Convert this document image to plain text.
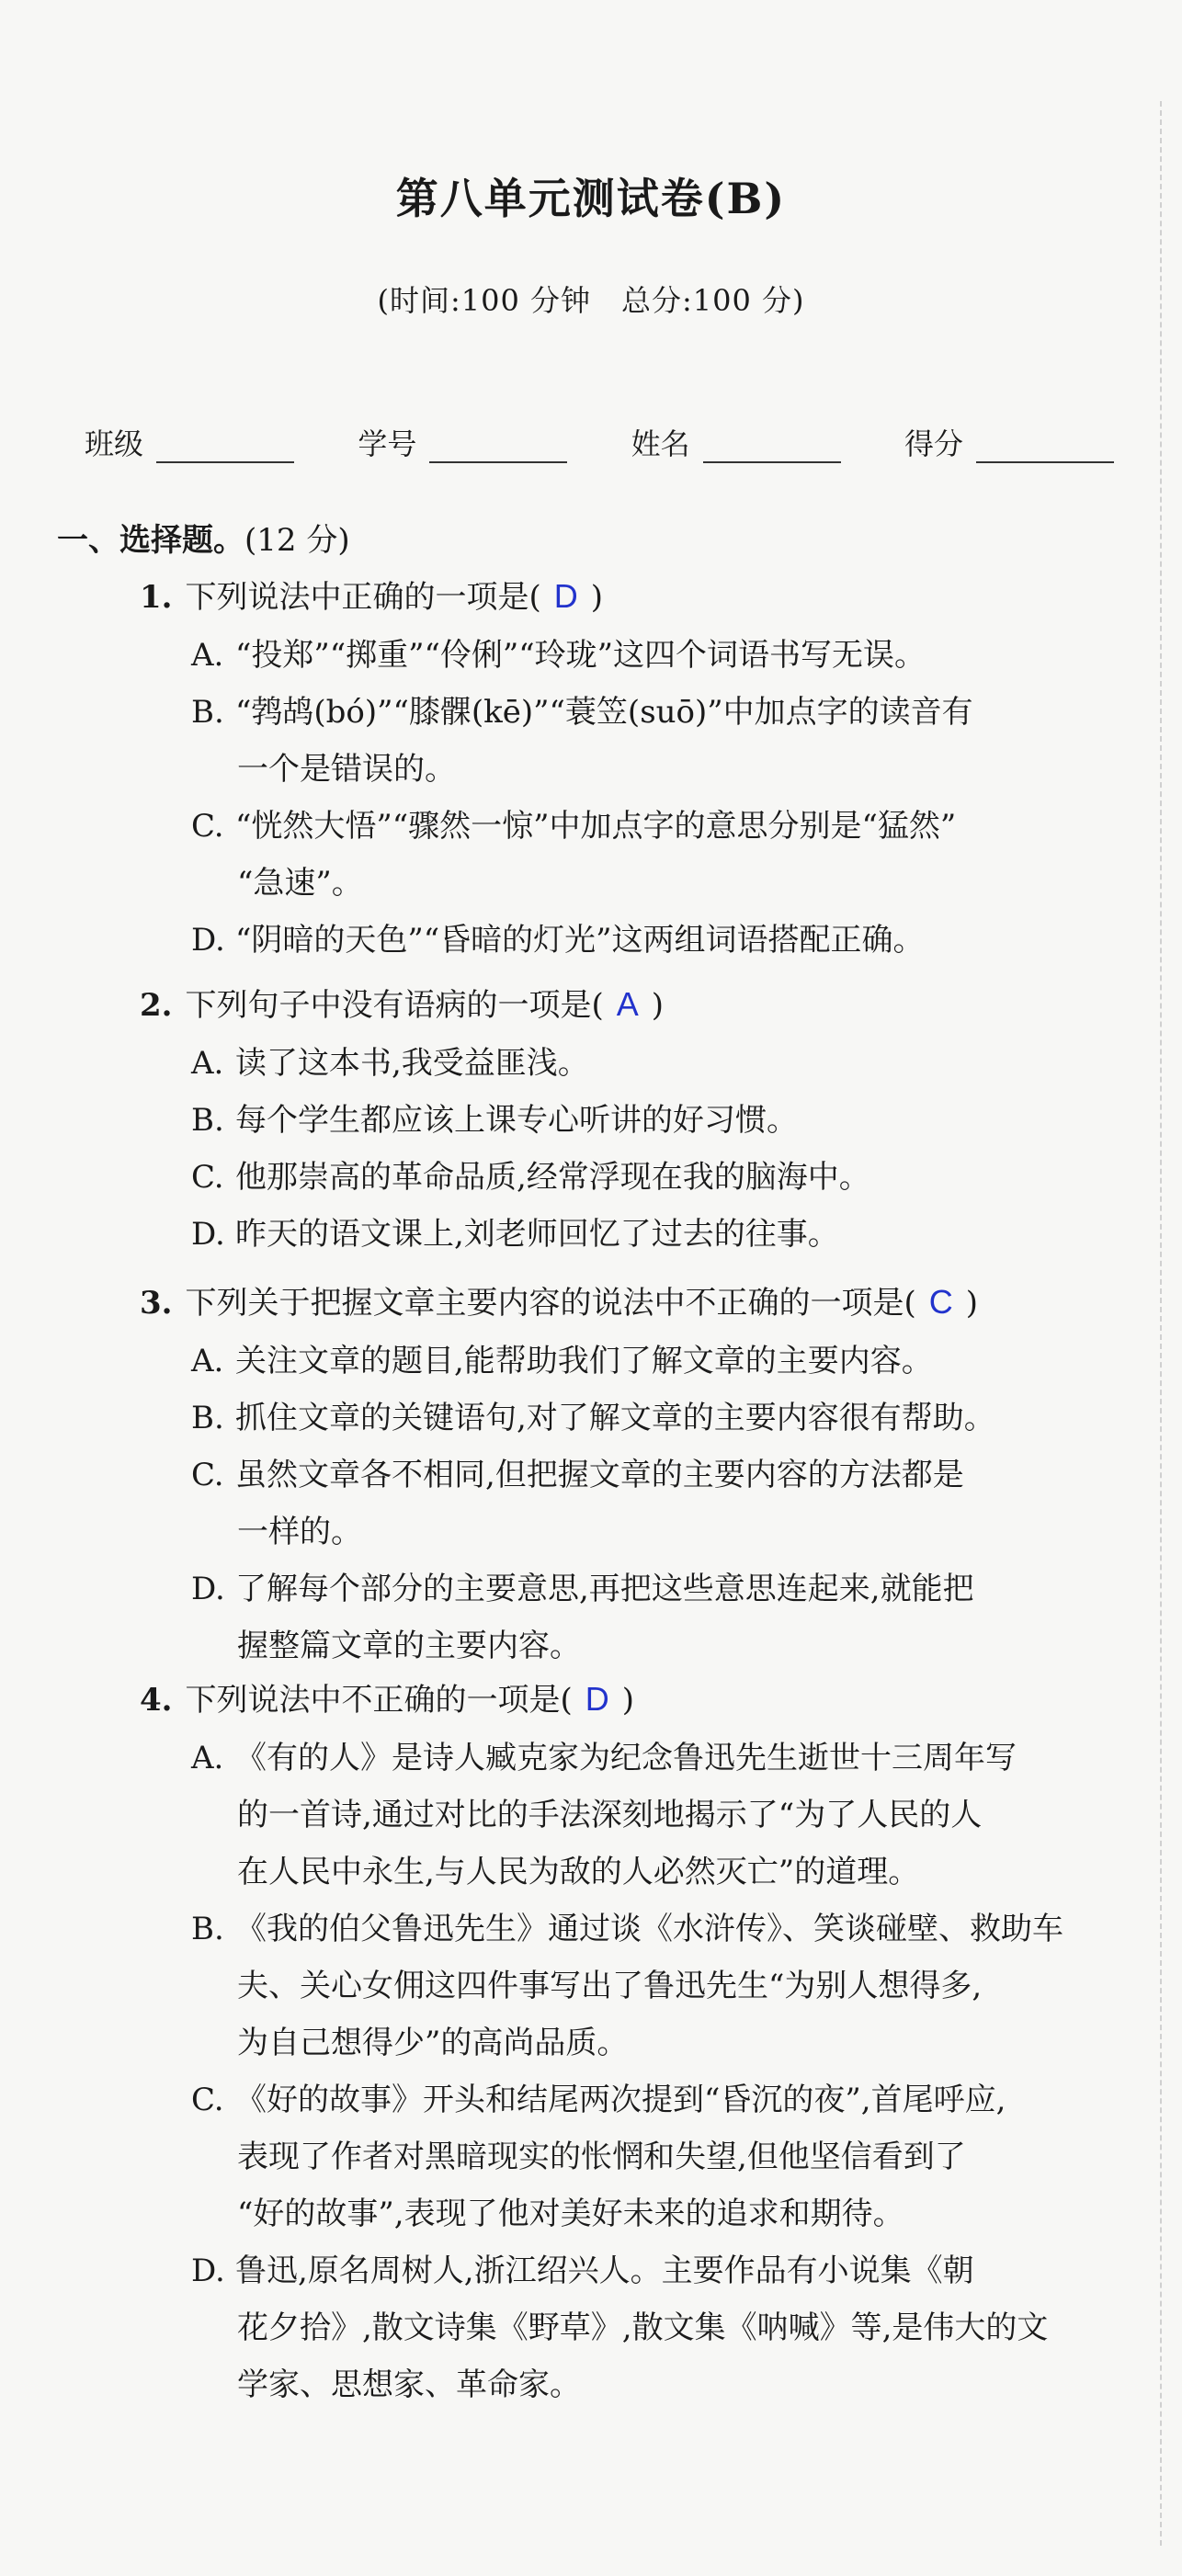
第八单元测试卷(B)
(时间:100 分钟　总分:100 分)
班级	学号	姓名	得分
一、选择题。(12 分)
1. 下列说法中正确的一项是( D )
A. “投郑”“掷重”“伶俐”“玲珑”这四个词语书写无误。
B. “鹁鸪(bó)”“膝髁(kē)”“蓑笠(suō)”中加点字的读音有
一个是错误的。
C. “恍然大悟”“骤然一惊”中加点字的意思分别是“猛然”
“急速”。
D. “阴暗的天色”“昏暗的灯光”这两组词语搭配正确。
2. 下列句子中没有语病的一项是( A )
A. 读了这本书,我受益匪浅。
B. 每个学生都应该上课专心听讲的好习惯。
C. 他那崇高的革命品质,经常浮现在我的脑海中。
D. 昨天的语文课上,刘老师回忆了过去的往事。
3. 下列关于把握文章主要内容的说法中不正确的一项是( C )
A. 关注文章的题目,能帮助我们了解文章的主要内容。
B. 抓住文章的关键语句,对了解文章的主要内容很有帮助。
C. 虽然文章各不相同,但把握文章的主要内容的方法都是
一样的。
D. 了解每个部分的主要意思,再把这些意思连起来,就能把
握整篇文章的主要内容。
4. 下列说法中不正确的一项是( D )
A. 《有的人》是诗人臧克家为纪念鲁迅先生逝世十三周年写
的一首诗,通过对比的手法深刻地揭示了“为了人民的人
在人民中永生,与人民为敌的人必然灭亡”的道理。
B. 《我的伯父鲁迅先生》通过谈《水浒传》、笑谈碰壁、救助车
夫、关心女佣这四件事写出了鲁迅先生“为别人想得多,
为自己想得少”的高尚品质。
C. 《好的故事》开头和结尾两次提到“昏沉的夜”,首尾呼应,
表现了作者对黑暗现实的怅惘和失望,但他坚信看到了
“好的故事”,表现了他对美好未来的追求和期待。
D. 鲁迅,原名周树人,浙江绍兴人。主要作品有小说集《朝
花夕拾》,散文诗集《野草》,散文集《呐喊》等,是伟大的文
学家、思想家、革命家。
